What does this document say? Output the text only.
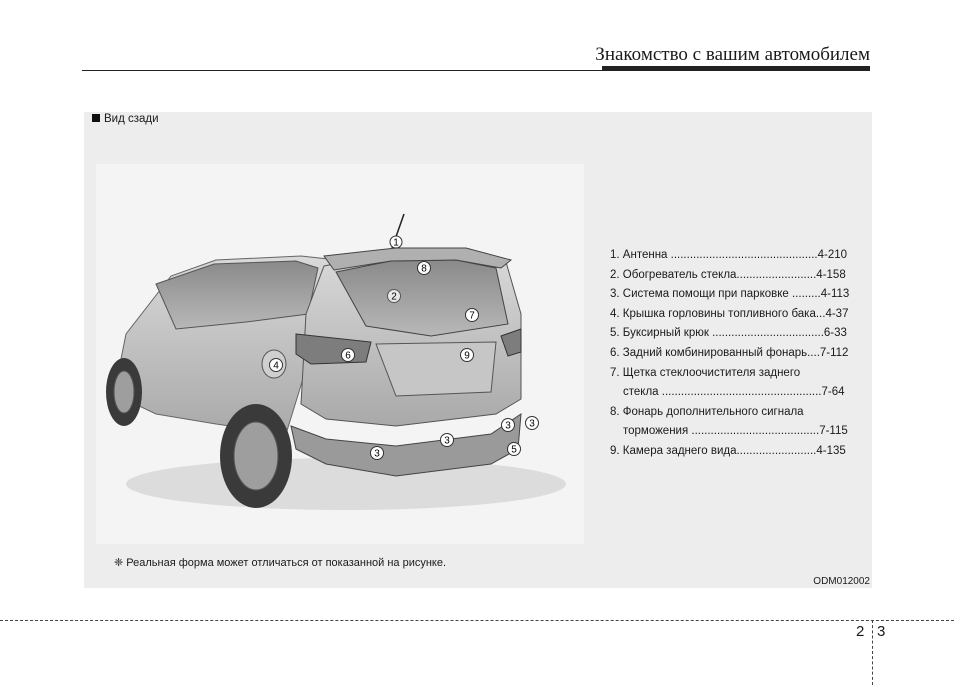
Знакомство с вашим автомобилем
Вид сзади
1
8
2
7
6	9
4
3 3
3
3	5
1. Антенна ..............................................4-210
2. Обогреватель стекла.........................4-158
3. Система помощи при парковке .........4-113
4. Крышка горловины топливного бака...4-37
5. Буксирный крюк ...................................6-33
6. Задний комбинированный фонарь....7-112
7. Щетка стеклоочистителя заднего
стекла ..................................................7-64
8. Фонарь дополнительного сигнала
торможения ........................................7-115
9. Камера заднего вида.........................4-135
❈ Реальная форма может отличаться от показанной на рисунке.
ODM012002
2 3
